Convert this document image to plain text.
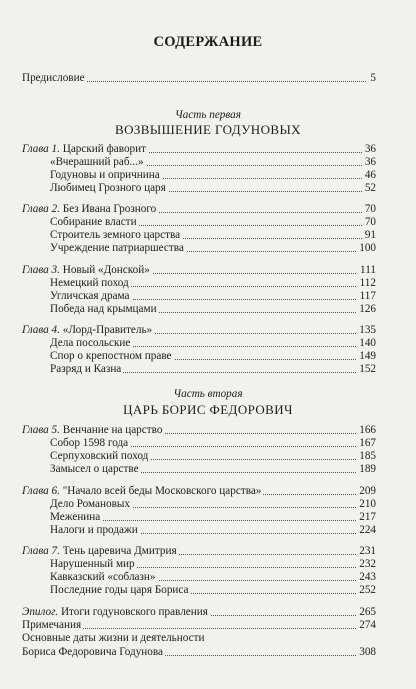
СОДЕРЖАНИЕ
Предисловие	5
Часть первая
ВОЗВЫШЕНИЕ ГОДУНОВЫХ
Глава 1. Царский фаворит	36
«Вчерашний раб...»	36
Годуновы и опричнина	46
Любимец Грозного царя	52
Глава 2. Без Ивана Грозного	70
Собирание власти	70
Строитель земного царства	91
Учреждение патриаршества	100
Глава 3. Новый «Донской»	111
Немецкий поход	112
Угличская драма	117
Победа над крымцами	126
Глава 4. «Лорд-Правитель»	135
Дела посольские	140
Спор о крепостном праве	149
Разряд и Казна	152
Часть вторая
ЦАРЬ БОРИС ФЕДОРОВИЧ
Глава 5. Венчание на царство	166
Собор 1598 года	167
Серпуховский поход	185
Замысел о царстве	189
Глава 6. "Начало всей беды Московского царства»	209
Дело Романовых	210
Меженина	217
Налоги и продажи	224
Глава 7. Тень царевича Дмитрия	231
Нарушенный мир	232
Кавказский «соблазн»	243
Последние годы царя Бориса	252
Эпилог. Итоги годуновского правления	265
Примечания	274
Основные даты жизни и деятельности
Бориса Федоровича Годунова	308
